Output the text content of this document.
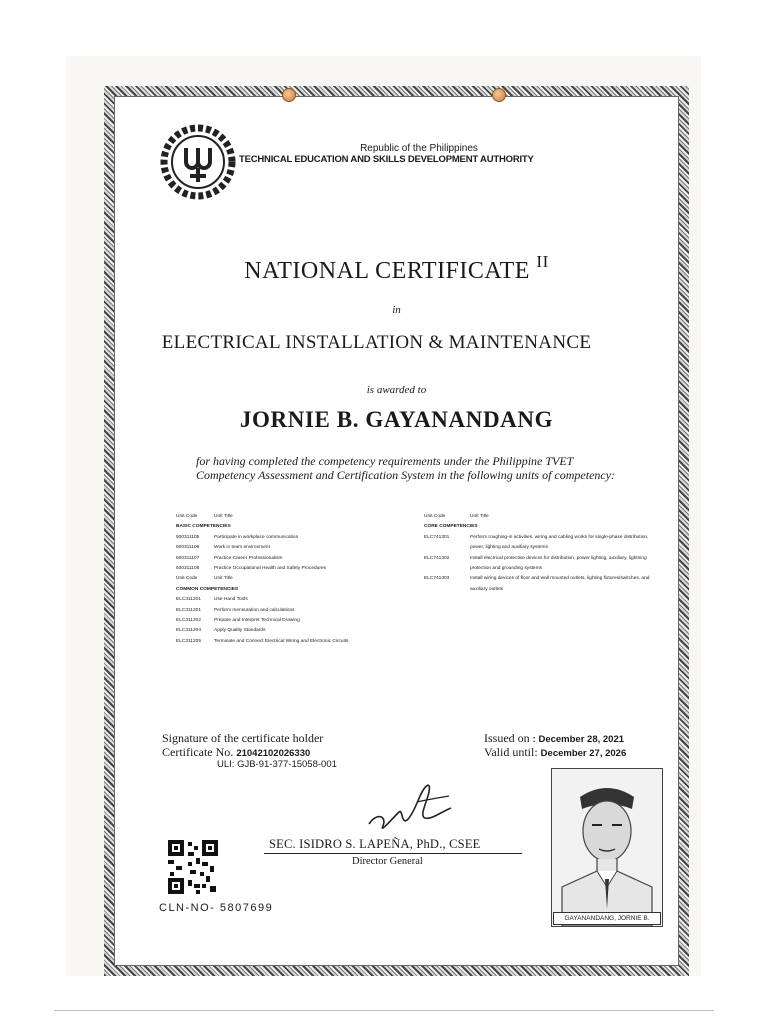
Republic of the Philippines
TECHNICAL EDUCATION AND SKILLS DEVELOPMENT AUTHORITY
NATIONAL CERTIFICATE $^{II}$
in
ELECTRICAL INSTALLATION & MAINTENANCE
is awarded to
JORNIE B. GAYANANDANG
for having completed the competency requirements under the Philippine TVET Competency Assessment and Certification System in the following units of competency:
Unit Code	Unit Title
BASIC COMPETENCIES
500311105	Participate in workplace communication
500311106	Work in team environment
500311107	Practice Career Professionalism
500311108	Practice Occupational Health and Safety Procedures
Unit Code	Unit Title
COMMON COMPETENCIES
ELC311201	Use Hand Tools
ELC311201	Perform mensuration and calculations
ELC311202	Prepare and Interpret Technical Drawing
ELC311204	Apply Quality Standards
ELC311205	Terminate and Connect Electrical Wiring and Electronic Circuits
Unit Code	Unit Title
CORE COMPETENCIES
ELC741301	Perform roughing-in activities, wiring and cabling works for single-phase distribution, power, lighting and auxiliary systems
ELC741302	Install electrical protective devices for distribution, power lighting, auxiliary, lightning protection and grounding systems
ELC741303	Install wiring devices of floor and wall mounted outlets, lighting fixtures/switches, and auxiliary outlets
Signature of the certificate holder
Certificate No. 21042102026330
ULI: GJB-91-377-15058-001
Issued on : December 28, 2021
Valid until: December 27, 2026
SEC. ISIDRO S. LAPEÑA, PhD., CSEE
Director General
CLN-NO- 5807699
GAYANANDANG, JORNIE B.
